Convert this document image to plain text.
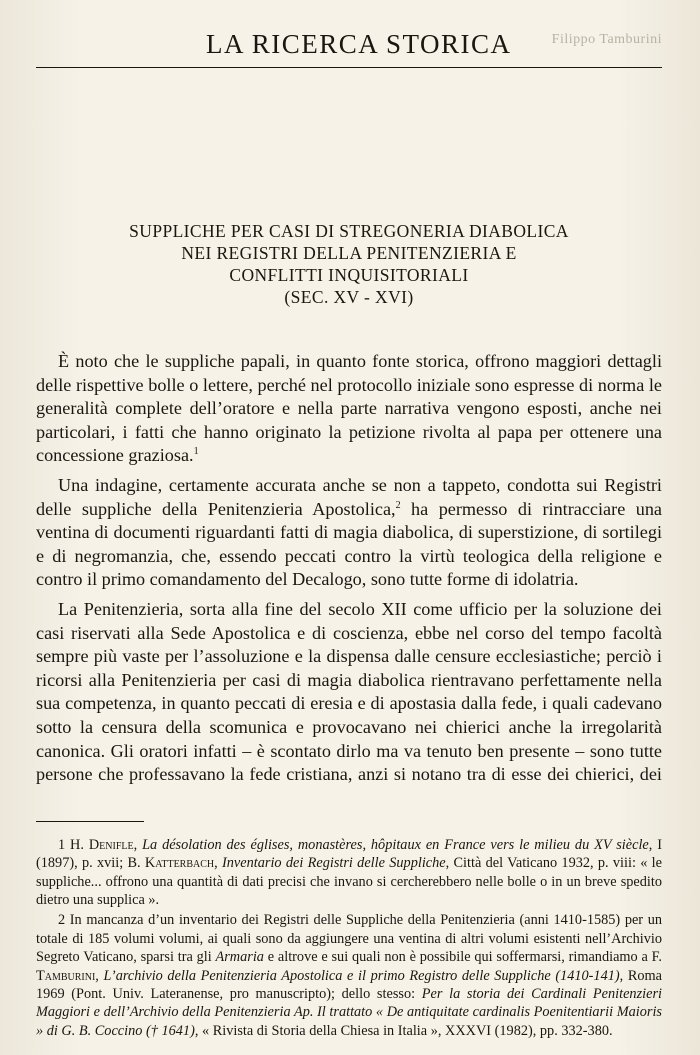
Filippo Tamburini
LA RICERCA STORICA
SUPPLICHE PER CASI DI STREGONERIA DIABOLICA
NEI REGISTRI DELLA PENITENZIERIA E
CONFLITTI INQUISITORIALI
(SEC. XV - XVI)

È noto che le suppliche papali, in quanto fonte storica, offrono maggiori dettagli delle rispettive bolle o lettere, perché nel protocollo iniziale sono espresse di norma le generalità complete dell’oratore e nella parte narrativa vengono esposti, anche nei particolari, i fatti che hanno originato la petizione rivolta al papa per ottenere una concessione graziosa.$^1$

Una indagine, certamente accurata anche se non a tappeto, condotta sui Registri delle suppliche della Penitenzieria Apostolica,$^2$ ha permesso di rintracciare una ventina di documenti riguardanti fatti di magia diabolica, di superstizione, di sortilegi e di negromanzia, che, essendo peccati contro la virtù teologica della religione e contro il primo comandamento del Decalogo, sono tutte forme di idolatria.

La Penitenzieria, sorta alla fine del secolo XII come ufficio per la soluzione dei casi riservati alla Sede Apostolica e di coscienza, ebbe nel corso del tempo facoltà sempre più vaste per l’assoluzione e la dispensa dalle censure ecclesiastiche; perciò i ricorsi alla Penitenzieria per casi di magia diabolica rientravano perfettamente nella sua competenza, in quanto peccati di eresia e di apostasia dalla fede, i quali cadevano sotto la censura della scomunica e provocavano nei chierici anche la irregolarità canonica. Gli oratori infatti – è scontato dirlo ma va tenuto ben presente – sono tutte persone che professavano la fede cristiana, anzi si notano tra di esse dei chierici, dei

1 H. Denifle, La désolation des églises, monastères, hôpitaux en France vers le milieu du XV siècle, I (1897), p. xvii; B. Katterbach, Inventario dei Registri delle Suppliche, Città del Vaticano 1932, p. viii: « le suppliche... offrono una quantità di dati precisi che invano si cercherebbero nelle bolle o in un breve spedito dietro una supplica ».

2 In mancanza d’un inventario dei Registri delle Suppliche della Penitenzieria (anni 1410-1585) per un totale di 185 volumi volumi, ai quali sono da aggiungere una ventina di altri volumi esistenti nell’Archivio Segreto Vaticano, sparsi tra gli Armaria e altrove e sui quali non è possibile qui soffermarsi, rimandiamo a F. Tamburini, L’archivio della Penitenzieria Apostolica e il primo Registro delle Suppliche (1410-141), Roma 1969 (Pont. Univ. Lateranense, pro manuscripto); dello stesso: Per la storia dei Cardinali Penitenzieri Maggiori e dell’Archivio della Penitenzieria Ap. Il trattato « De antiquitate cardinalis Poenitentiarii Maioris » di G. B. Coccino († 1641), « Rivista di Storia della Chiesa in Italia », XXXVI (1982), pp. 332-380.
